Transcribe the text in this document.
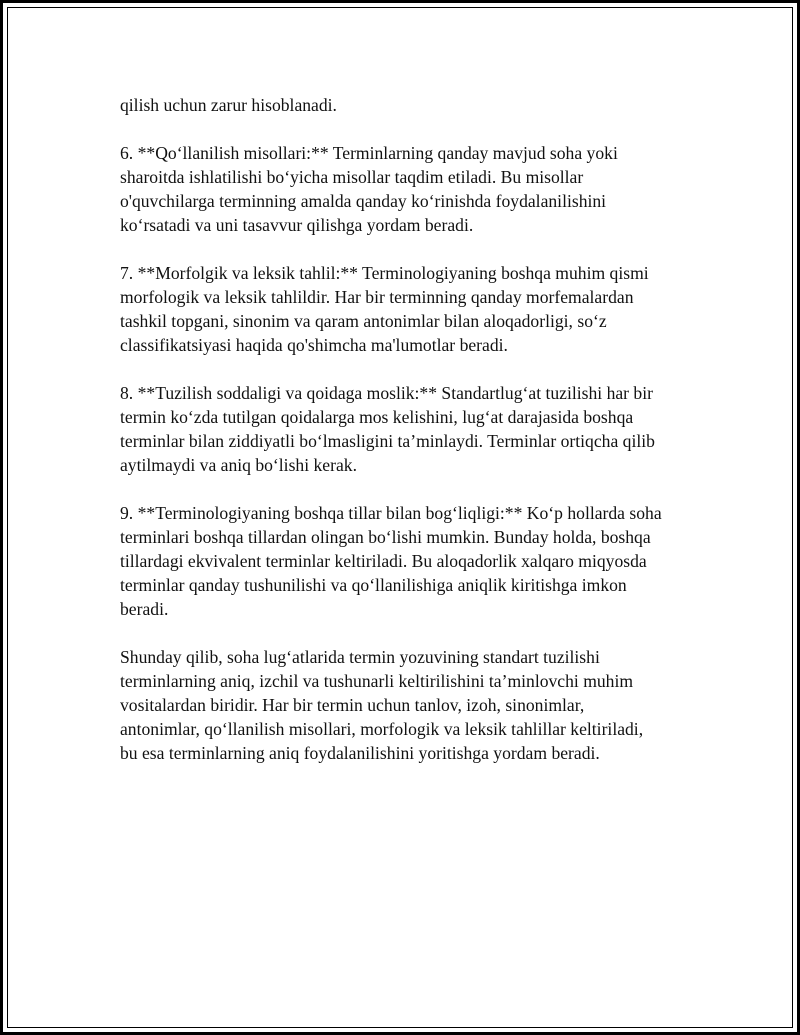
qilish uchun zarur hisoblanadi.

6. **Qo‘llanilish misollari:** Terminlarning qanday mavjud soha yoki
sharoitda ishlatilishi bo‘yicha misollar taqdim etiladi. Bu misollar
o'quvchilarga terminning amalda qanday ko‘rinishda foydalanilishini
ko‘rsatadi va uni tasavvur qilishga yordam beradi.

7. **Morfolgik va leksik tahlil:** Terminologiyaning boshqa muhim qismi
morfologik va leksik tahlildir. Har bir terminning qanday morfemalardan
tashkil topgani, sinonim va qaram antonimlar bilan aloqadorligi, so‘z
classifikatsiyasi haqida qo'shimcha ma'lumotlar beradi.

8. **Tuzilish soddaligi va qoidaga moslik:** Standartlug‘at tuzilishi har bir
termin ko‘zda tutilgan qoidalarga mos kelishini, lug‘at darajasida boshqa
terminlar bilan ziddiyatli bo‘lmasligini ta’minlaydi. Terminlar ortiqcha qilib
aytilmaydi va aniq bo‘lishi kerak.

9. **Terminologiyaning boshqa tillar bilan bog‘liqligi:** Ko‘p hollarda soha
terminlari boshqa tillardan olingan bo‘lishi mumkin. Bunday holda, boshqa
tillardagi ekvivalent terminlar keltiriladi. Bu aloqadorlik xalqaro miqyosda
terminlar qanday tushunilishi va qo‘llanilishiga aniqlik kiritishga imkon
beradi.

Shunday qilib, soha lug‘atlarida termin yozuvining standart tuzilishi
terminlarning aniq, izchil va tushunarli keltirilishini ta’minlovchi muhim
vositalardan biridir. Har bir termin uchun tanlov, izoh, sinonimlar,
antonimlar, qo‘llanilish misollari, morfologik va leksik tahlillar keltiriladi,
bu esa terminlarning aniq foydalanilishini yoritishga yordam beradi.
